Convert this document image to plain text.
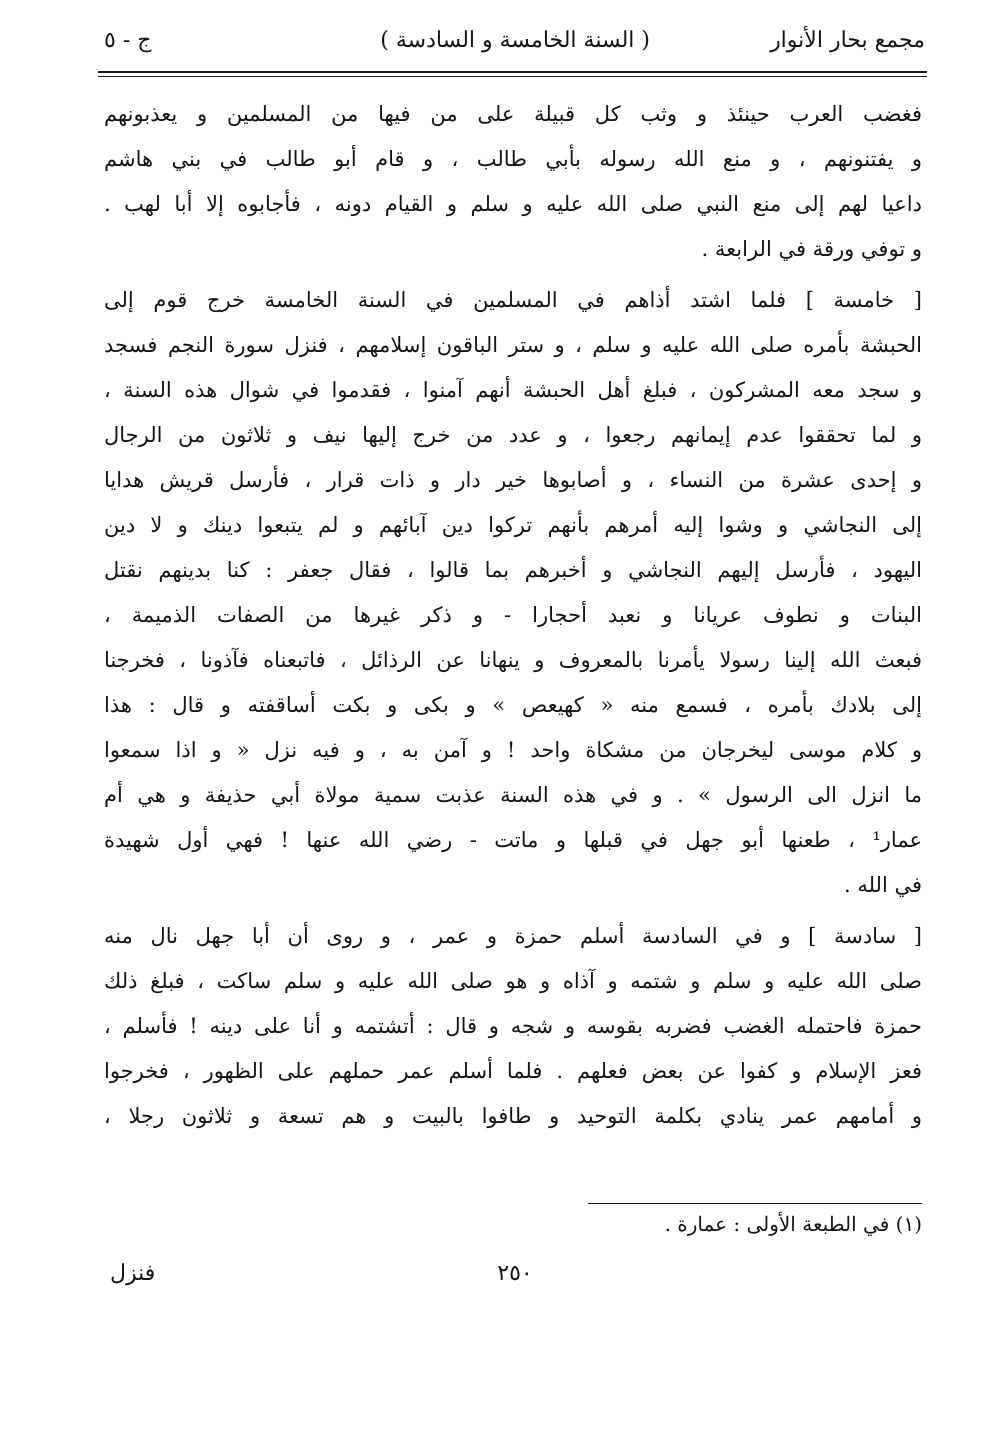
مجمع بحار الأنوار
( السنة الخامسة و السادسة )
ج - ٥
فغضب العرب حينئذ و وثب كل قبيلة على من فيها من المسلمين و يعذبونهم
و يفتنونهم ، و منع الله رسوله بأبي طالب ، و قام أبو طالب في بني هاشم
داعيا لهم إلى منع النبي صلى الله عليه و سلم و القيام دونه ، فأجابوه إلا أبا لهب .
و توفي ورقة في الرابعة .
[ خامسة ] فلما اشتد أذاهم في المسلمين في السنة الخامسة خرج قوم إلى
الحبشة بأمره صلى الله عليه و سلم ، و ستر الباقون إسلامهم ، فنزل سورة النجم فسجد
و سجد معه المشركون ، فبلغ أهل الحبشة أنهم آمنوا ، فقدموا في شوال هذه السنة ،
و لما تحققوا عدم إيمانهم رجعوا ، و عدد من خرج إليها نيف و ثلاثون من الرجال
و إحدى عشرة من النساء ، و أصابوها خير دار و ذات قرار ، فأرسل قريش هدايا
إلى النجاشي و وشوا إليه أمرهم بأنهم تركوا دين آبائهم و لم يتبعوا دينك و لا دين
اليهود ، فأرسل إليهم النجاشي و أخبرهم بما قالوا ، فقال جعفر : كنا بدينهم نقتل
البنات و نطوف عريانا و نعبد أحجارا - و ذكر غيرها من الصفات الذميمة ،
فبعث الله إلينا رسولا يأمرنا بالمعروف و ينهانا عن الرذائل ، فاتبعناه فآذونا ، فخرجنا
إلى بلادك بأمره ، فسمع منه « كهيعص » و بكى و بكت أساقفته و قال : هذا
و كلام موسى ليخرجان من مشكاة واحد ! و آمن به ، و فيه نزل « و اذا سمعوا
ما انزل الى الرسول » . و في هذه السنة عذبت سمية مولاة أبي حذيفة و هي أم
عمار¹ ، طعنها أبو جهل في قبلها و ماتت - رضي الله عنها ! فهي أول شهيدة
في الله .
[ سادسة ] و في السادسة أسلم حمزة و عمر ، و روى أن أبا جهل نال منه
صلى الله عليه و سلم و شتمه و آذاه و هو صلى الله عليه و سلم ساكت ، فبلغ ذلك
حمزة فاحتمله الغضب فضربه بقوسه و شجه و قال : أتشتمه و أنا على دينه ! فأسلم ،
فعز الإسلام و كفوا عن بعض فعلهم . فلما أسلم عمر حملهم على الظهور ، فخرجوا
و أمامهم عمر ينادي بكلمة التوحيد و طافوا بالبيت و هم تسعة و ثلاثون رجلا ،
(١) في الطبعة الأولى : عمارة .
٢٥٠
فنزل
